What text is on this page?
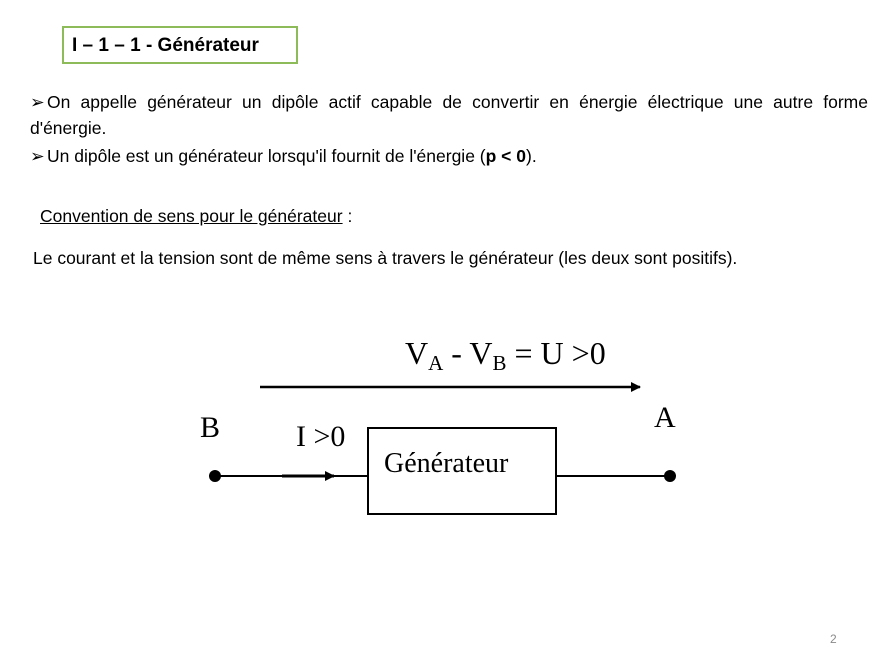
I – 1 – 1 - Générateur
➢ On appelle générateur un dipôle actif capable de convertir en énergie électrique une autre forme d'énergie.
➢ Un dipôle est un générateur lorsqu'il fournit de l'énergie (p < 0).
Convention de sens pour le générateur :
Le courant et la tension sont de même sens à travers le générateur (les deux sont positifs).
VA - VB = U >0
B	A
I >0
Générateur
2
